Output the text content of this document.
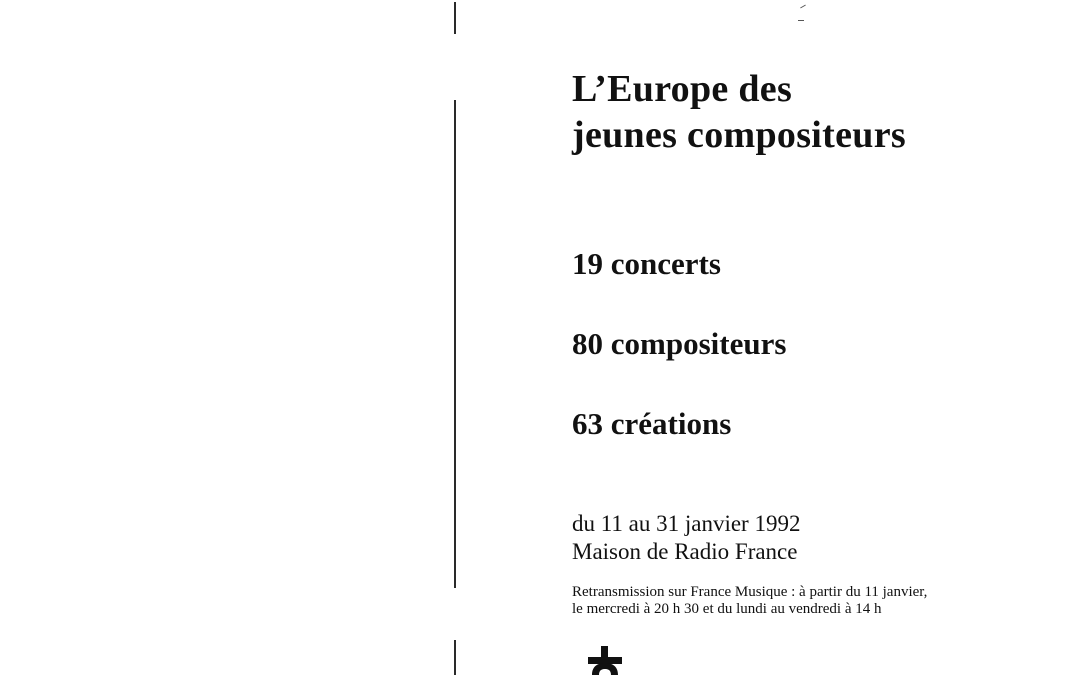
L’Europe des
jeunes compositeurs

19 concerts

80 compositeurs

63 créations

du 11 au 31 janvier 1992
Maison de Radio France

Retransmission sur France Musique : à partir du 11 janvier,
le mercredi à 20 h 30 et du lundi au vendredi à 14 h
